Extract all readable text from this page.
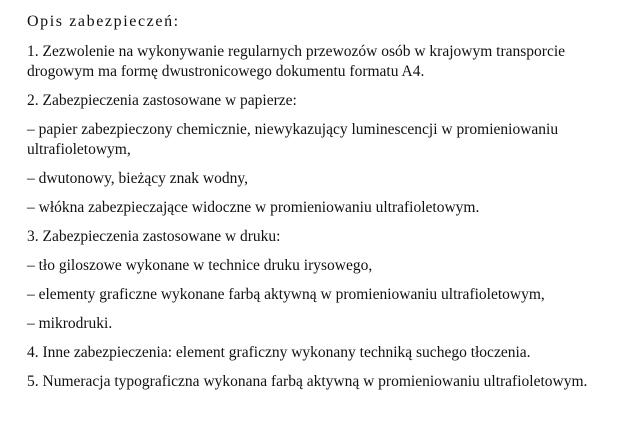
Opis zabezpieczeń:

1. Zezwolenie na wykonywanie regularnych przewozów osób w krajowym transporcie
drogowym ma formę dwustronicowego dokumentu formatu A4.

2. Zabezpieczenia zastosowane w papierze:

– papier zabezpieczony chemicznie, niewykazujący luminescencji w promieniowaniu
ultrafioletowym,

– dwutonowy, bieżący znak wodny,

– włókna zabezpieczające widoczne w promieniowaniu ultrafioletowym.

3. Zabezpieczenia zastosowane w druku:

– tło giloszowe wykonane w technice druku irysowego,

– elementy graficzne wykonane farbą aktywną w promieniowaniu ultrafioletowym,

– mikrodruki.

4. Inne zabezpieczenia: element graficzny wykonany techniką suchego tłoczenia.

5. Numeracja typograficzna wykonana farbą aktywną w promieniowaniu ultrafioletowym.
